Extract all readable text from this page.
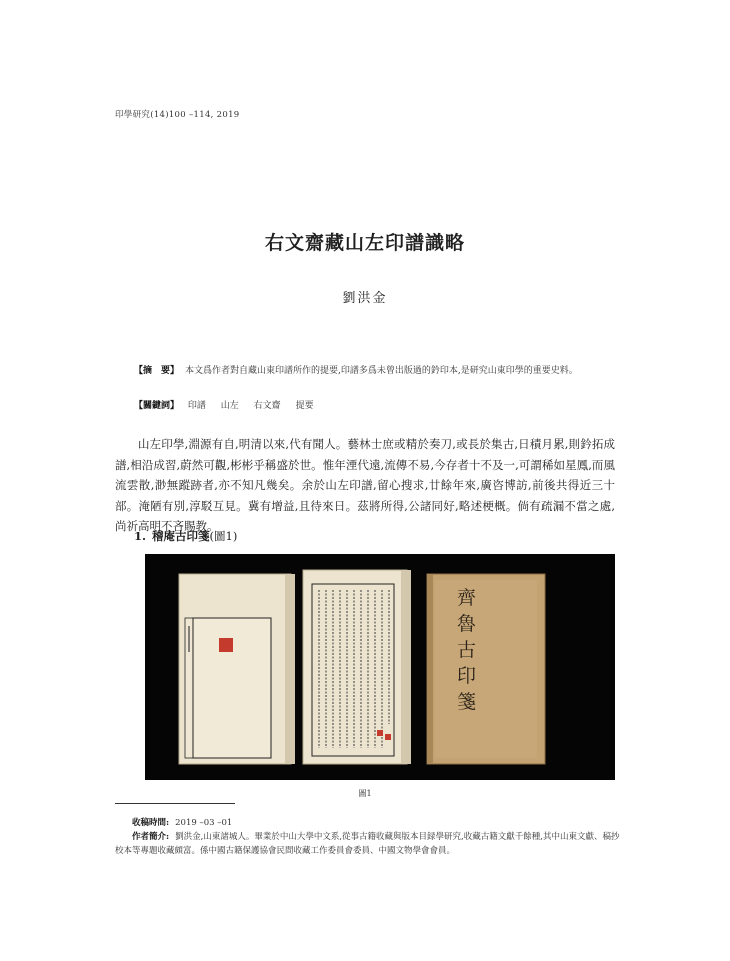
印學研究(14)100 –114, 2019
右文齋藏山左印譜識略
劉洪金
【摘　要】 本文爲作者對自藏山東印譜所作的提要,印譜多爲未曾出版過的鈐印本,是研究山東印學的重要史料。
【關鍵詞】 印譜 山左 右文齋 提要
山左印學,淵源有自,明清以來,代有聞人。藝林士庶或精於奏刀,或長於集古,日積月累,則鈐拓成譜,相沿成習,蔚然可觀,彬彬乎稱盛於世。惟年湮代遠,流傳不易,今存者十不及一,可謂稀如星鳳,而風流雲散,渺無蹤跡者,亦不知凡幾矣。余於山左印譜,留心搜求,廿餘年來,廣咨博訪,前後共得近三十部。淹陋有別,淳駁互見。冀有增益,且待來日。茲將所得,公諸同好,略述梗概。倘有疏漏不當之處,尚祈高明不吝賜教。
1. 稽庵古印箋(圖1)
齊
魯
古
印
箋
圖1
收稿時間: 2019 –03 –01
作者簡介: 劉洪金,山東諸城人。畢業於中山大學中文系,從事古籍收藏與版本目録學研究,收藏古籍文獻千餘種,其中山東文獻、稿抄校本等專題收藏頗富。係中國古籍保護協會民間收藏工作委員會委員、中國文物學會會員。
